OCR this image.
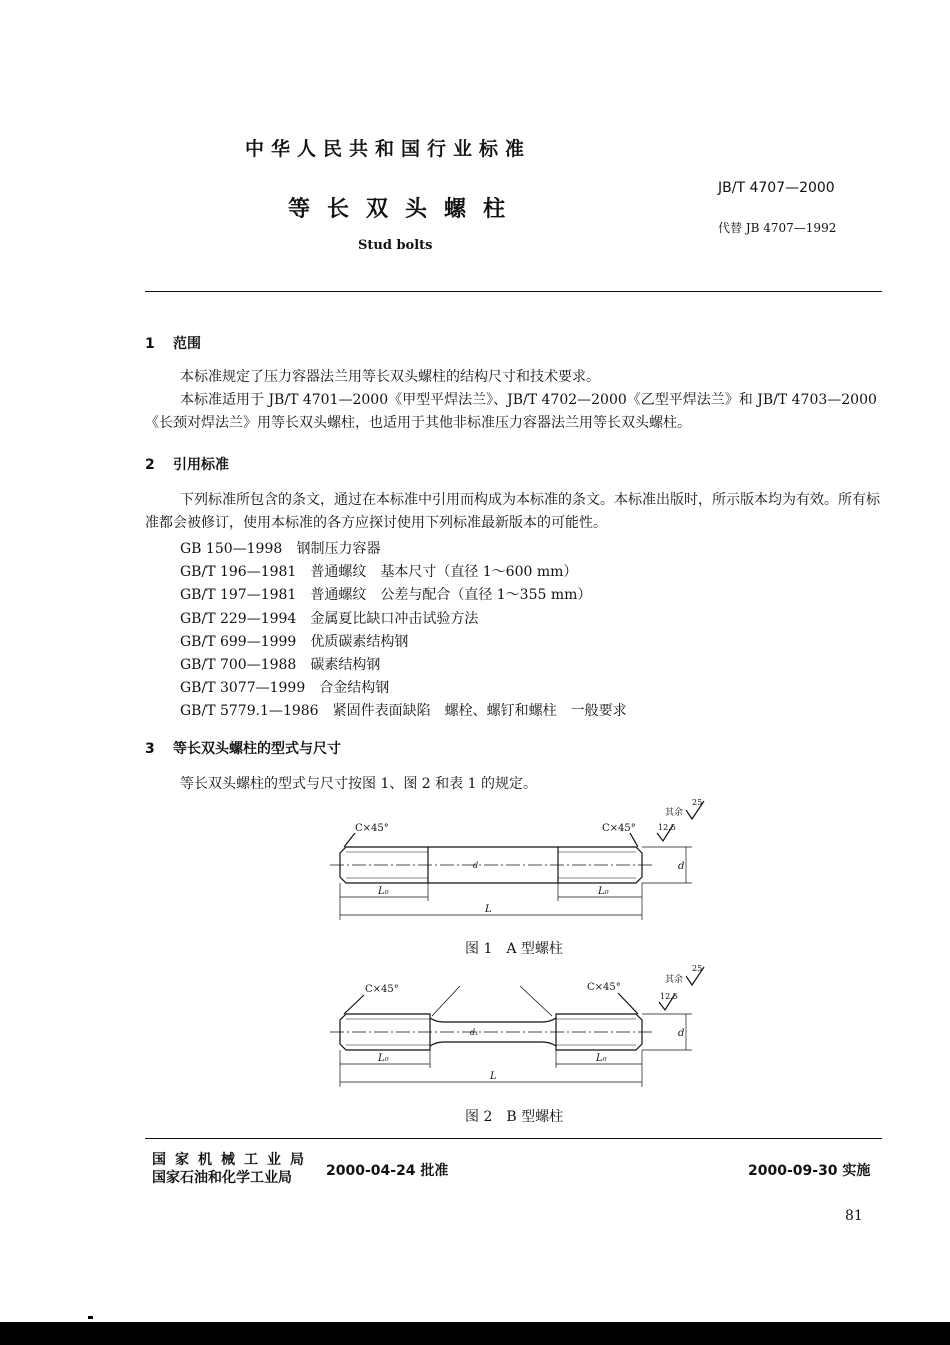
中华人民共和国行业标准
等长双头螺柱
Stud bolts
JB/T 4707—2000
代替 JB 4707—1992
1 范围
本标准规定了压力容器法兰用等长双头螺柱的结构尺寸和技术要求。
本标准适用于 JB/T 4701—2000《甲型平焊法兰》、JB/T 4702—2000《乙型平焊法兰》和 JB/T 4703—2000《长颈对焊法兰》用等长双头螺柱，也适用于其他非标准压力容器法兰用等长双头螺柱。
2 引用标准
下列标准所包含的条文，通过在本标准中引用而构成为本标准的条文。本标准出版时，所示版本均为有效。所有标准都会被修订，使用本标准的各方应探讨使用下列标准最新版本的可能性。
GB 150—1998 钢制压力容器
GB/T 196—1981　 普通螺纹　基本尺寸（直径 1～600 mm）
GB/T 197—1981　 普通螺纹　公差与配合（直径 1～355 mm）
GB/T 229—1994　 金属夏比缺口冲击试验方法
GB/T 699—1999　 优质碳素结构钢
GB/T 700—1988　 碳素结构钢
GB/T 3077—1999　 合金结构钢
GB/T 5779.1—1986　 紧固件表面缺陷　螺栓、螺钉和螺柱　一般要求
3 等长双头螺柱的型式与尺寸
等长双头螺柱的型式与尺寸按图 1、图 2 和表 1 的规定。
其余
25
12.5
C×45°	C×45°
d
d
L₀	L₀
L
图 1　A 型螺柱
其余
25
12.5
C×45°	C×45°
d
d₁
L₀	L₀
L
图 2　B 型螺柱
国家机械工业局
国家石油和化学工业局	2000-04-24 批准	2000-09-30 实施
81
